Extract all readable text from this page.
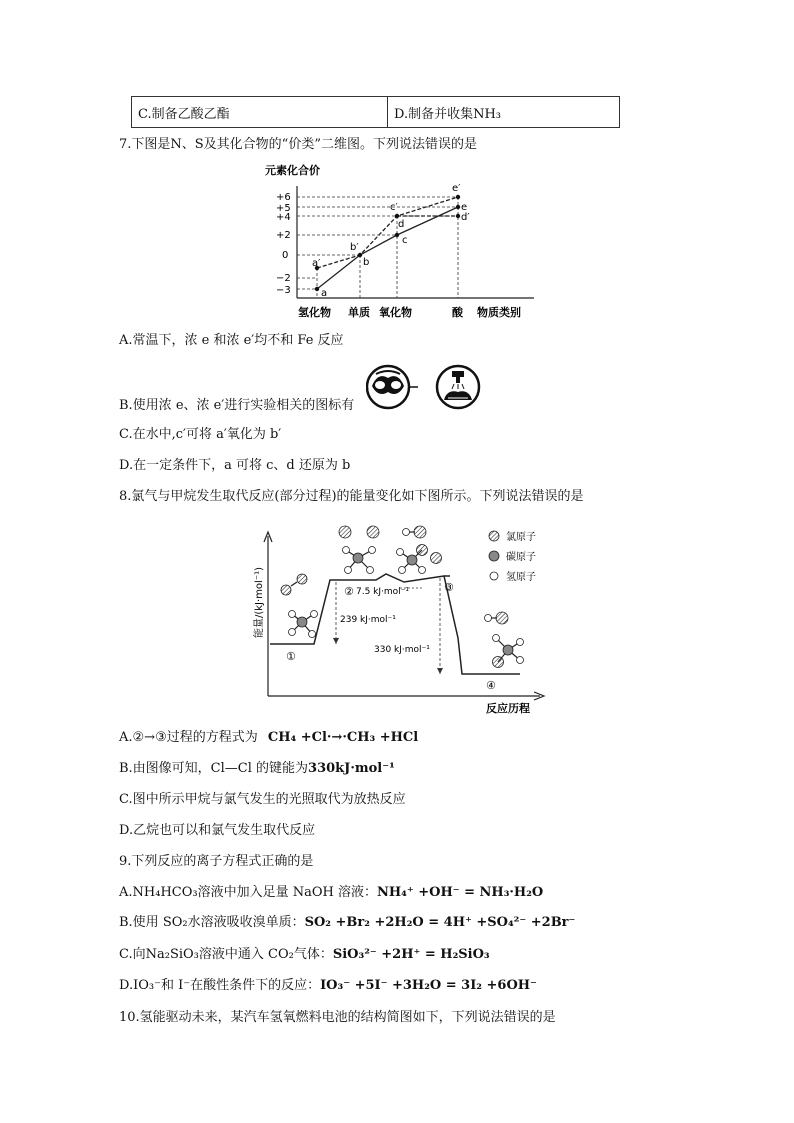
C.制备乙酸乙酯	D.制备并收集NH₃
7.下图是N、S及其化合物的“价类”二维图。下列说法错误的是
元素化合价
+6
+5
+4
+2
0
−2
−3	a
a′	b
b′
c
c′
d
d′
e
e′
氢化物 单质 氧化物	酸 物质类别
A.常温下，浓 e 和浓 e′均不和 Fe 反应
B.使用浓 e、浓 e′进行实验相关的图标有
C.在水中,c′可将 a′氧化为 b′
D.在一定条件下，a 可将 c、d 还原为 b
8.氯气与甲烷发生取代反应(部分过程)的能量变化如下图所示。下列说法错误的是
能量/(kJ·mol⁻¹)
反应历程
①
②	③
④
7.5 kJ·mol⁻¹
239 kJ·mol⁻¹
330 kJ·mol⁻¹
氯原子
碳原子
氢原子
A.②→③过程的方程式为 CH₄ +Cl·→·CH₃ +HCl
B.由图像可知，Cl—Cl 的键能为330kJ·mol⁻¹
C.图中所示甲烷与氯气发生的光照取代为放热反应
D.乙烷也可以和氯气发生取代反应
9.下列反应的离子方程式正确的是
A.NH₄HCO₃溶液中加入足量 NaOH 溶液：NH₄⁺ +OH⁻ = NH₃·H₂O
B.使用 SO₂水溶液吸收溴单质：SO₂ +Br₂ +2H₂O = 4H⁺ +SO₄²⁻ +2Br⁻
C.向Na₂SiO₃溶液中通入 CO₂气体：SiO₃²⁻ +2H⁺ = H₂SiO₃
D.IO₃⁻和 I⁻在酸性条件下的反应：IO₃⁻ +5I⁻ +3H₂O = 3I₂ +6OH⁻
10.氢能驱动未来，某汽车氢氧燃料电池的结构简图如下，下列说法错误的是
